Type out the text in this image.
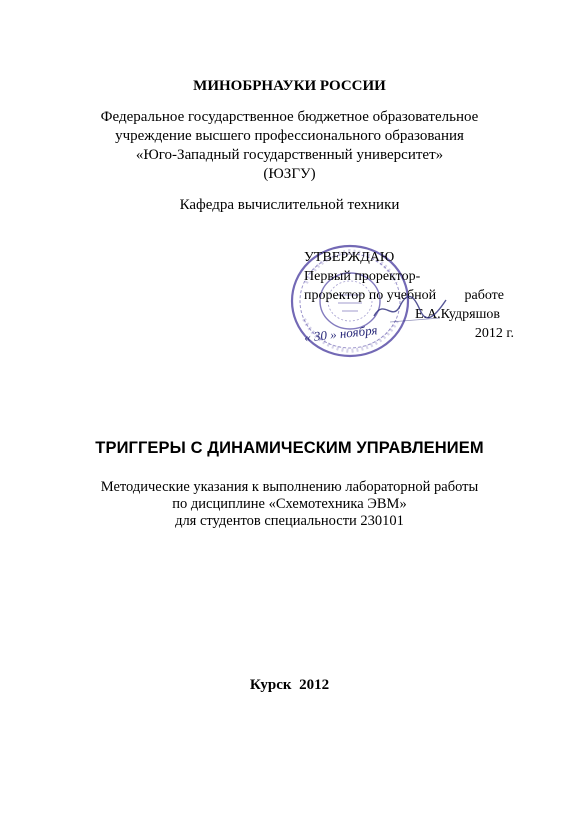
МИНОБРНАУКИ РОССИИ
Федеральное государственное бюджетное образовательное
учреждение высшего профессионального образования
«Юго-Западный государственный университет»
(ЮЗГУ)
Кафедра вычислительной техники
УТВЕРЖДАЮ
Первый проректор-
проректор по учебной работе
Е.А.Кудряшов
« 30 » ноября	2012 г.
ТРИГГЕРЫ С ДИНАМИЧЕСКИМ УПРАВЛЕНИЕМ
Методические указания к выполнению лабораторной работы
по дисциплине «Схемотехника ЭВМ»
для студентов специальности 230101
Курск  2012
